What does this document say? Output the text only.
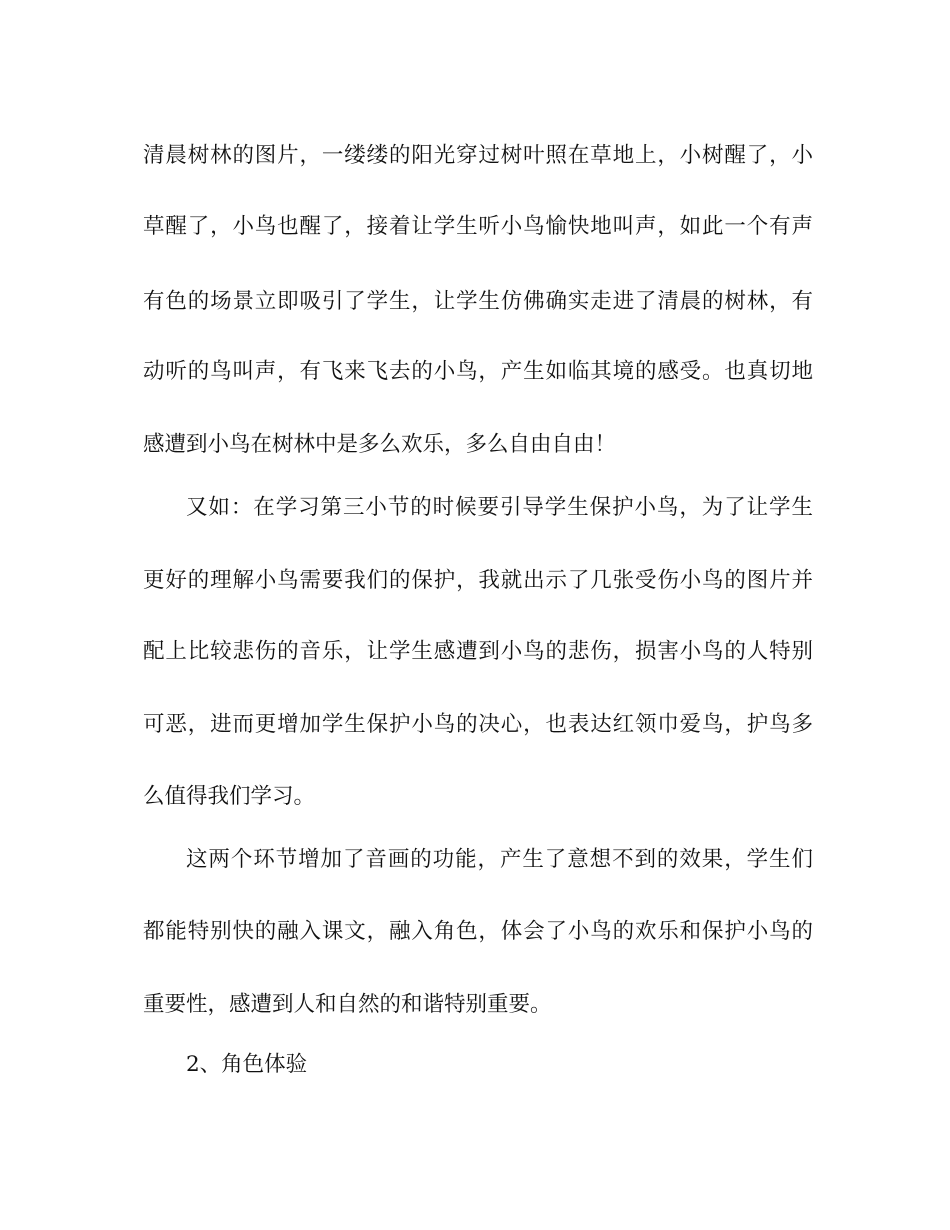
清晨树林的图片，一缕缕的阳光穿过树叶照在草地上，小树醒了，小

草醒了，小鸟也醒了，接着让学生听小鸟愉快地叫声，如此一个有声

有色的场景立即吸引了学生，让学生仿佛确实走进了清晨的树林，有

动听的鸟叫声，有飞来飞去的小鸟，产生如临其境的感受。也真切地

感遭到小鸟在树林中是多么欢乐，多么自由自由！

又如：在学习第三小节的时候要引导学生保护小鸟，为了让学生

更好的理解小鸟需要我们的保护，我就出示了几张受伤小鸟的图片并

配上比较悲伤的音乐，让学生感遭到小鸟的悲伤，损害小鸟的人特别

可恶，进而更增加学生保护小鸟的决心，也表达红领巾爱鸟，护鸟多

么值得我们学习。

这两个环节增加了音画的功能，产生了意想不到的效果，学生们

都能特别快的融入课文，融入角色，体会了小鸟的欢乐和保护小鸟的

重要性，感遭到人和自然的和谐特别重要。

2、角色体验
